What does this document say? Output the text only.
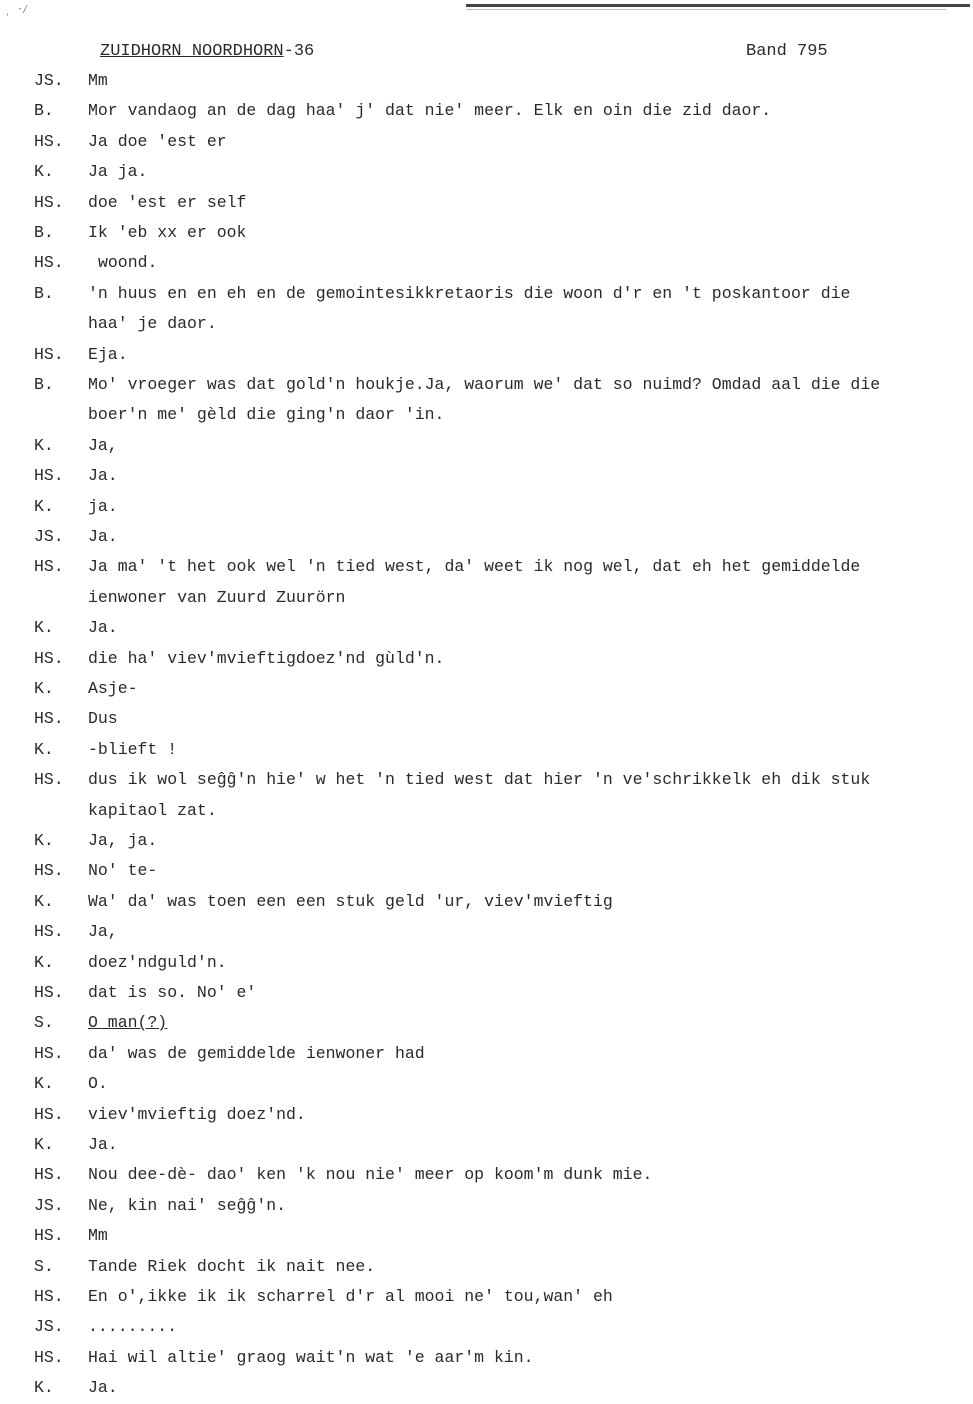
ˌ ᐧ⁄
ZUIDHORN NOORDHORN-36	Band 795
JS. Mm
B. Mor vandaog an de dag haa' j' dat nie' meer. Elk en oin die zid daor.
HS. Ja doe 'est er
K. Ja ja.
HS. doe 'est er self
B. Ik 'eb xx er ook
HS. woond.
B. 'n huus en en eh en de gemointesikkretaoris die woon d'r en 't poskantoor die
haa' je daor.
HS. Eja.
B. Mo' vroeger was dat gold'n houkje.Ja, waorum we' dat so nuimd? Omdad aal die die
boer'n me' gèld die ging'n daor 'in.
K. Ja,
HS. Ja.
K. ja.
JS. Ja.
HS. Ja ma' 't het ook wel 'n tied west, da' weet ik nog wel, dat eh het gemiddelde
ienwoner van Zuurd Zuurörn
K. Ja.
HS. die ha' viev'mvieftigdoez'nd gùld'n.
K. Asje-
HS. Dus
K. -blieft !
HS. dus ik wol seĝĝ'n hie' w het 'n tied west dat hier 'n ve'schrikkelk eh dik stuk
kapitaol zat.
K. Ja, ja.
HS. No' te-
K. Wa' da' was toen een een stuk geld 'ur, viev'mvieftig
HS. Ja,
K. doez'ndguld'n.
HS. dat is so. No' e'
S. O man(?)
HS. da' was de gemiddelde ienwoner had
K. O.
HS. viev'mvieftig doez'nd.
K. Ja.
HS. Nou dee-dè- dao' ken 'k nou nie' meer op koom'm dunk mie.
JS. Ne, kin nai' seĝĝ'n.
HS. Mm
S. Tande Riek docht ik nait nee.
HS. En o',ikke ik ik scharrel d'r al mooi ne' tou,wan' eh
JS. .........
HS. Hai wil altie' graog wait'n wat 'e aar'm kin.
K. Ja.
